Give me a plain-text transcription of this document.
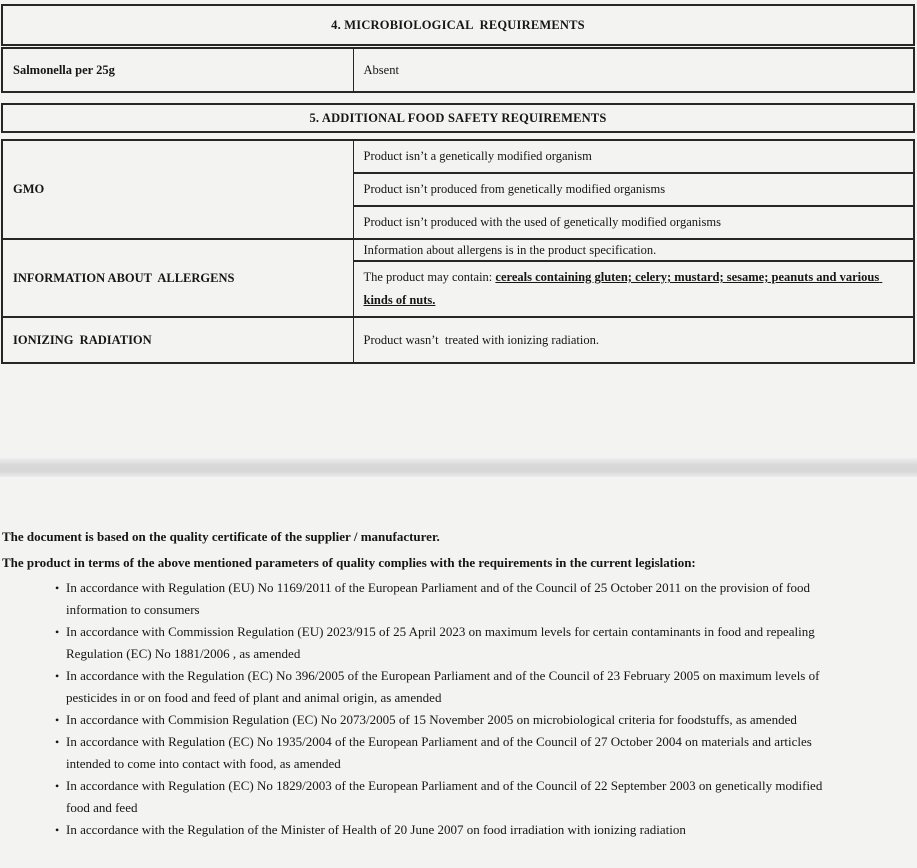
4. MICROBIOLOGICAL  REQUIREMENTS
Salmonella per 25g	Absent
5. ADDITIONAL FOOD SAFETY REQUIREMENTS
GMO	Product isn’t a genetically modified organism
	Product isn’t produced from genetically modified organisms
	Product isn’t produced with the used of genetically modified organisms
INFORMATION ABOUT  ALLERGENS	Information about allergens is in the product specification.
	The product may contain: cereals containing gluten; celery; mustard; sesame; peanuts and various kinds of nuts.
IONIZING  RADIATION	Product wasn’t  treated with ionizing radiation.

The document is based on the quality certificate of the supplier / manufacturer.

The product in terms of the above mentioned parameters of quality complies with the requirements in the current legislation:

• In accordance with Regulation (EU) No 1169/2011 of the European Parliament and of the Council of 25 October 2011 on the provision of food information to consumers
• In accordance with Commission Regulation (EU) 2023/915 of 25 April 2023 on maximum levels for certain contaminants in food and repealing Regulation (EC) No 1881/2006 , as amended
• In accordance with the Regulation (EC) No 396/2005 of the European Parliament and of the Council of 23 February 2005 on maximum levels of pesticides in or on food and feed of plant and animal origin, as amended
• In accordance with Commision Regulation (EC) No 2073/2005 of 15 November 2005 on microbiological criteria for foodstuffs, as amended
• In accordance with Regulation (EC) No 1935/2004 of the European Parliament and of the Council of 27 October 2004 on materials and articles intended to come into contact with food, as amended
• In accordance with Regulation (EC) No 1829/2003 of the European Parliament and of the Council of 22 September 2003 on genetically modified food and feed
• In accordance with the Regulation of the Minister of Health of 20 June 2007 on food irradiation with ionizing radiation
